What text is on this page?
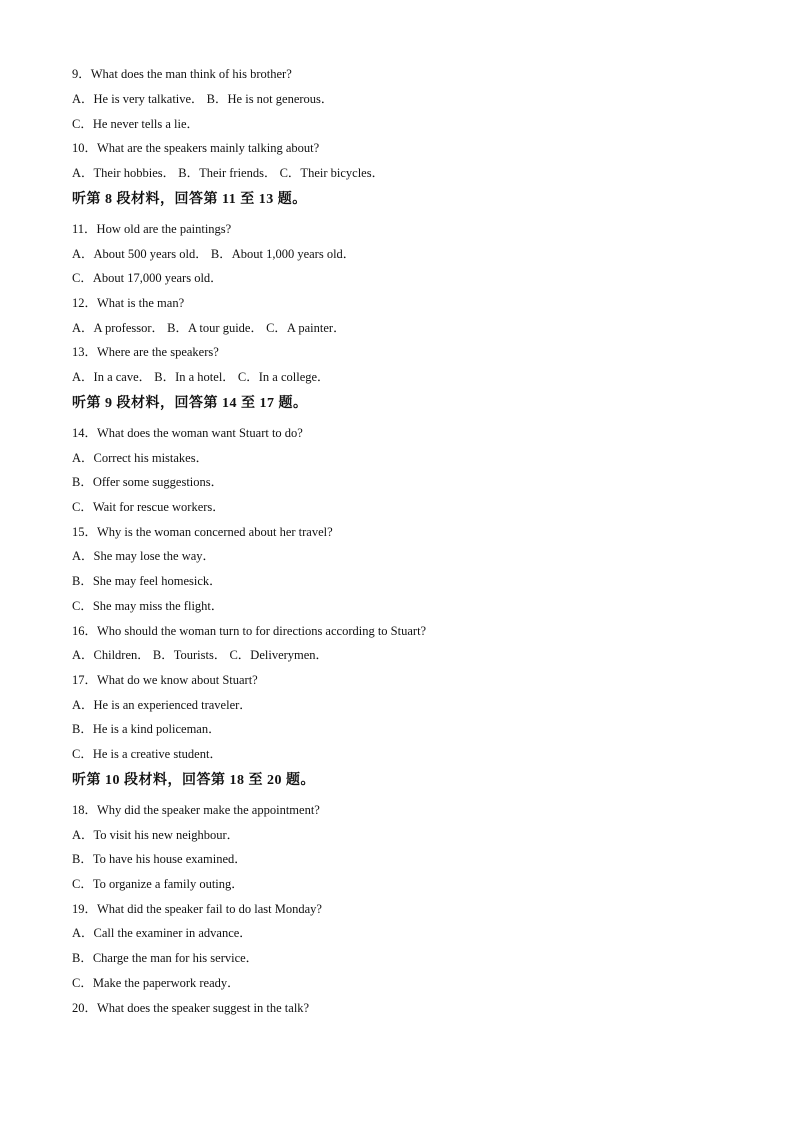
9．What does the man think of his brother?
A．He is very talkative． B．He is not generous．
C．He never tells a lie．
10．What are the speakers mainly talking about?
A．Their hobbies． B．Their friends． C．Their bicycles．
听第 8 段材料，回答第 11 至 13 题。
11．How old are the paintings?
A．About 500 years old． B．About 1,000 years old．
C．About 17,000 years old．
12．What is the man?
A．A professor． B．A tour guide． C．A painter．
13．Where are the speakers?
A．In a cave． B．In a hotel． C．In a college．
听第 9 段材料，回答第 14 至 17 题。
14．What does the woman want Stuart to do?
A．Correct his mistakes．
B．Offer some suggestions．
C．Wait for rescue workers．
15．Why is the woman concerned about her travel?
A．She may lose the way．
B．She may feel homesick．
C．She may miss the flight．
16．Who should the woman turn to for directions according to Stuart?
A．Children． B．Tourists． C．Deliverymen．
17．What do we know about Stuart?
A．He is an experienced traveler．
B．He is a kind policeman．
C．He is a creative student．
听第 10 段材料，回答第 18 至 20 题。
18．Why did the speaker make the appointment?
A．To visit his new neighbour．
B．To have his house examined．
C．To organize a family outing．
19．What did the speaker fail to do last Monday?
A．Call the examiner in advance．
B．Charge the man for his service．
C．Make the paperwork ready．
20．What does the speaker suggest in the talk?
